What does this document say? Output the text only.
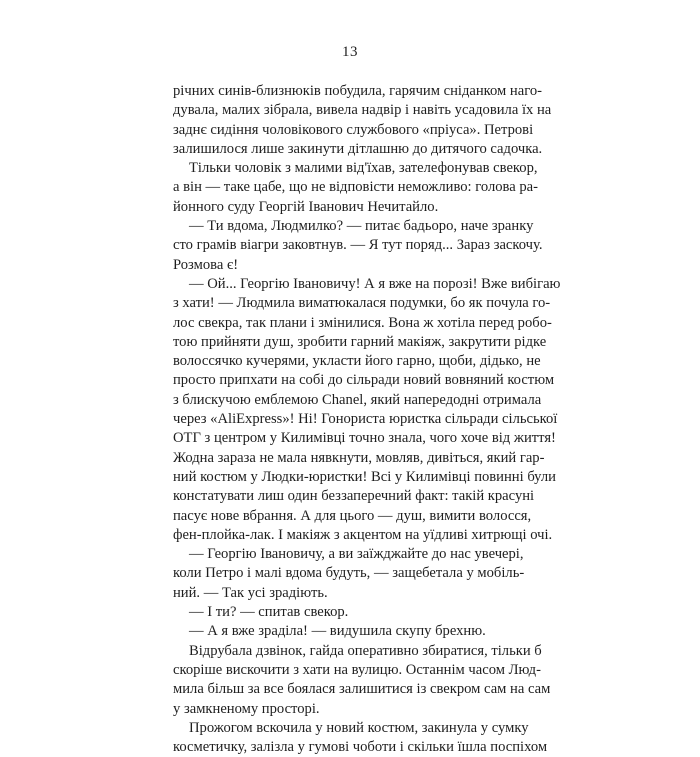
13
річних синів-близнюків побудила, гарячим сніданком наго-
дувала, малих зібрала, вивела надвір і навіть усадовила їх на
заднє сидіння чоловікового службового «пріуса». Петрові
залишилося лише закинути дітлашню до дитячого садочка.
Тільки чоловік з малими від'їхав, зателефонував свекор,
а він — таке цабе, що не відповісти неможливо: голова ра-
йонного суду Георгій Іванович Нечитайло.
— Ти вдома, Людмилко? — питає бадьоро, наче зранку
сто грамів віагри заковтнув. — Я тут поряд... Зараз заскочу.
Розмова є!
— Ой... Георгію Івановичу! А я вже на порозі! Вже вибігаю
з хати! — Людмила виматюкалася подумки, бо як почула го-
лос свекра, так плани і змінилися. Вона ж хотіла перед робо-
тою прийняти душ, зробити гарний макіяж, закрутити рідке
волоссячко кучерями, укласти його гарно, щоби, дідько, не
просто припхати на собі до сільради новий вовняний костюм
з блискучою емблемою Chanel, який напередодні отримала
через «AliExpress»! Ні! Гонориста юристка сільради сільської
ОТГ з центром у Килимівці точно знала, чого хоче від життя!
Жодна зараза не мала нявкнути, мовляв, дивіться, який гар-
ний костюм у Людки-юристки! Всі у Килимівці повинні були
констатувати лиш один беззаперечний факт: такій красуні
пасує нове вбрання. А для цього — душ, вимити волосся,
фен-плойка-лак. І макіяж з акцентом на уїдливі хитрющі очі.
— Георгію Івановичу, а ви заїжджайте до нас увечері,
коли Петро і малі вдома будуть, — защебетала у мобіль-
ний. — Так усі зрадіють.
— І ти? — спитав свекор.
— А я вже зраділа! — видушила скупу брехню.
Відрубала дзвінок, гайда оперативно збиратися, тільки б
скоріше вискочити з хати на вулицю. Останнім часом Люд-
мила більш за все боялася залишитися із свекром сам на сам
у замкненому просторі.
Прожогом вскочила у новий костюм, закинула у сумку
косметичку, залізла у гумові чоботи і скільки їшла поспіхом
